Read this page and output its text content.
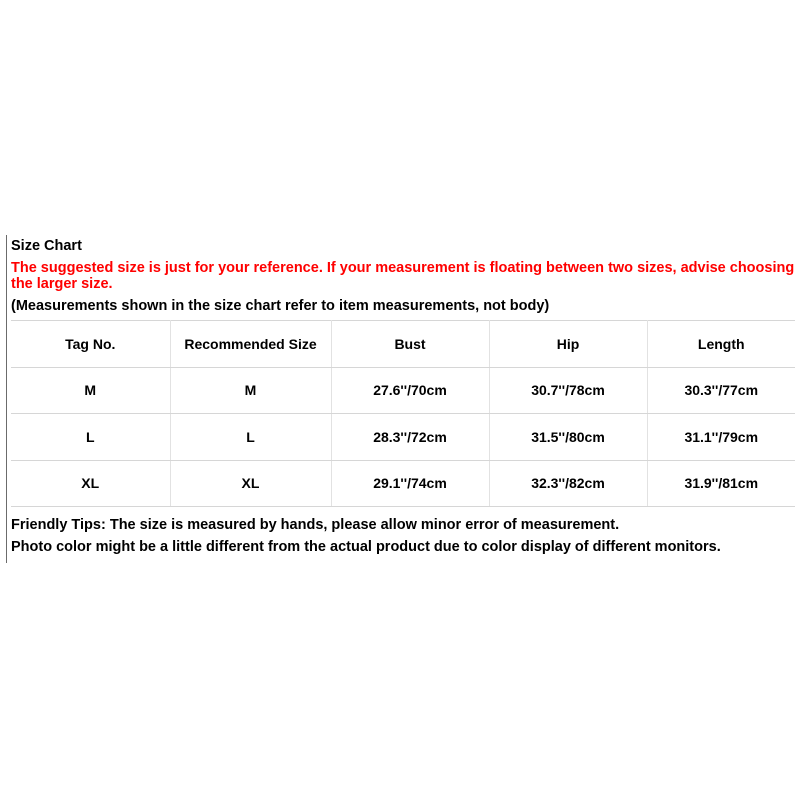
Size Chart
The suggested size is just for your reference. If your measurement is floating between two sizes, advise choosing the larger size.
(Measurements shown in the size chart refer to item measurements, not body)
Tag No.	Recommended Size	Bust	Hip	Length
M	M	27.6''/70cm	30.7''/78cm	30.3''/77cm
L	L	28.3''/72cm	31.5''/80cm	31.1''/79cm
XL	XL	29.1''/74cm	32.3''/82cm	31.9''/81cm
Friendly Tips: The size is measured by hands, please allow minor error of measurement.
Photo color might be a little different from the actual product due to color display of different monitors.
